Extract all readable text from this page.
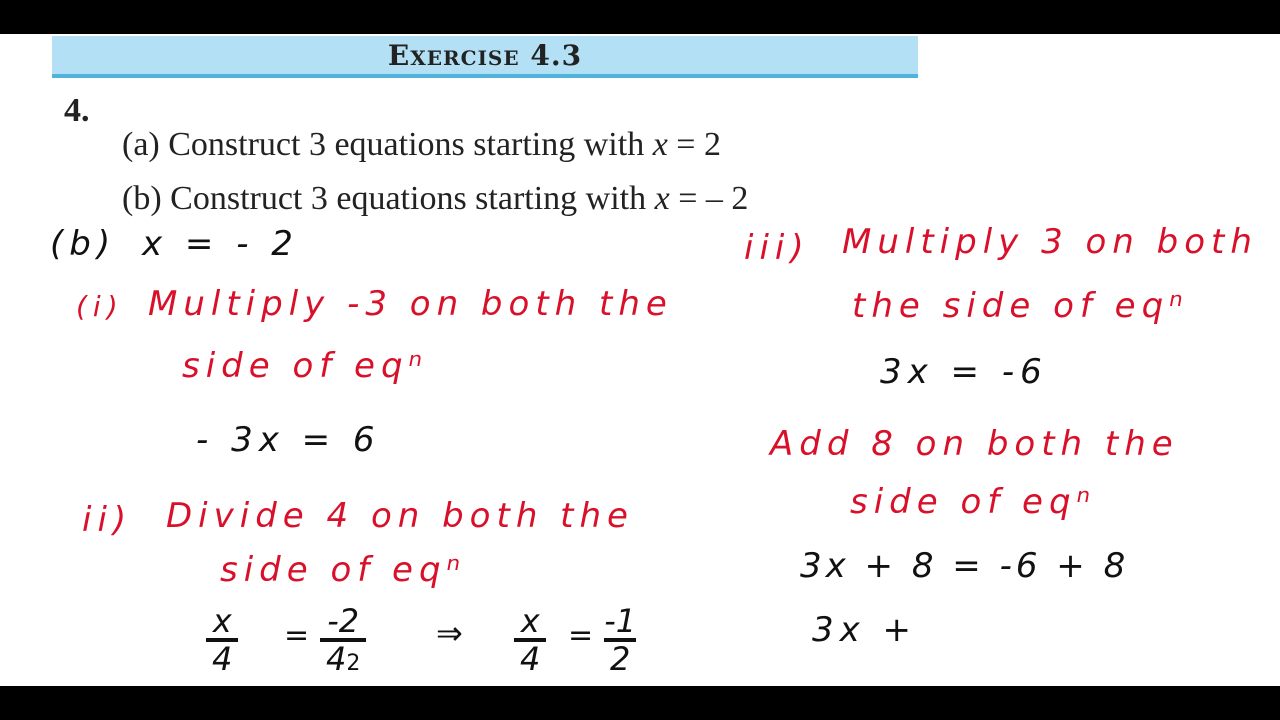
Exercise 4.3
4.
(a) Construct 3 equations starting with x = 2
(b) Construct 3 equations starting with x = – 2
(b) x = - 2
(i) Multiply -3 on both the
side of eqⁿ
- 3x = 6
ii) Divide 4 on both the
side of eqⁿ
$\frac{x}{4} = \frac{-2}{42}$ ⇒ $\frac{x}{4} = \frac{-1}{2}$
iii) Multiply 3 on both
the side of eqⁿ
3x = -6
Add 8 on both the
side of eqⁿ
3x + 8 = -6 + 8
3x +
